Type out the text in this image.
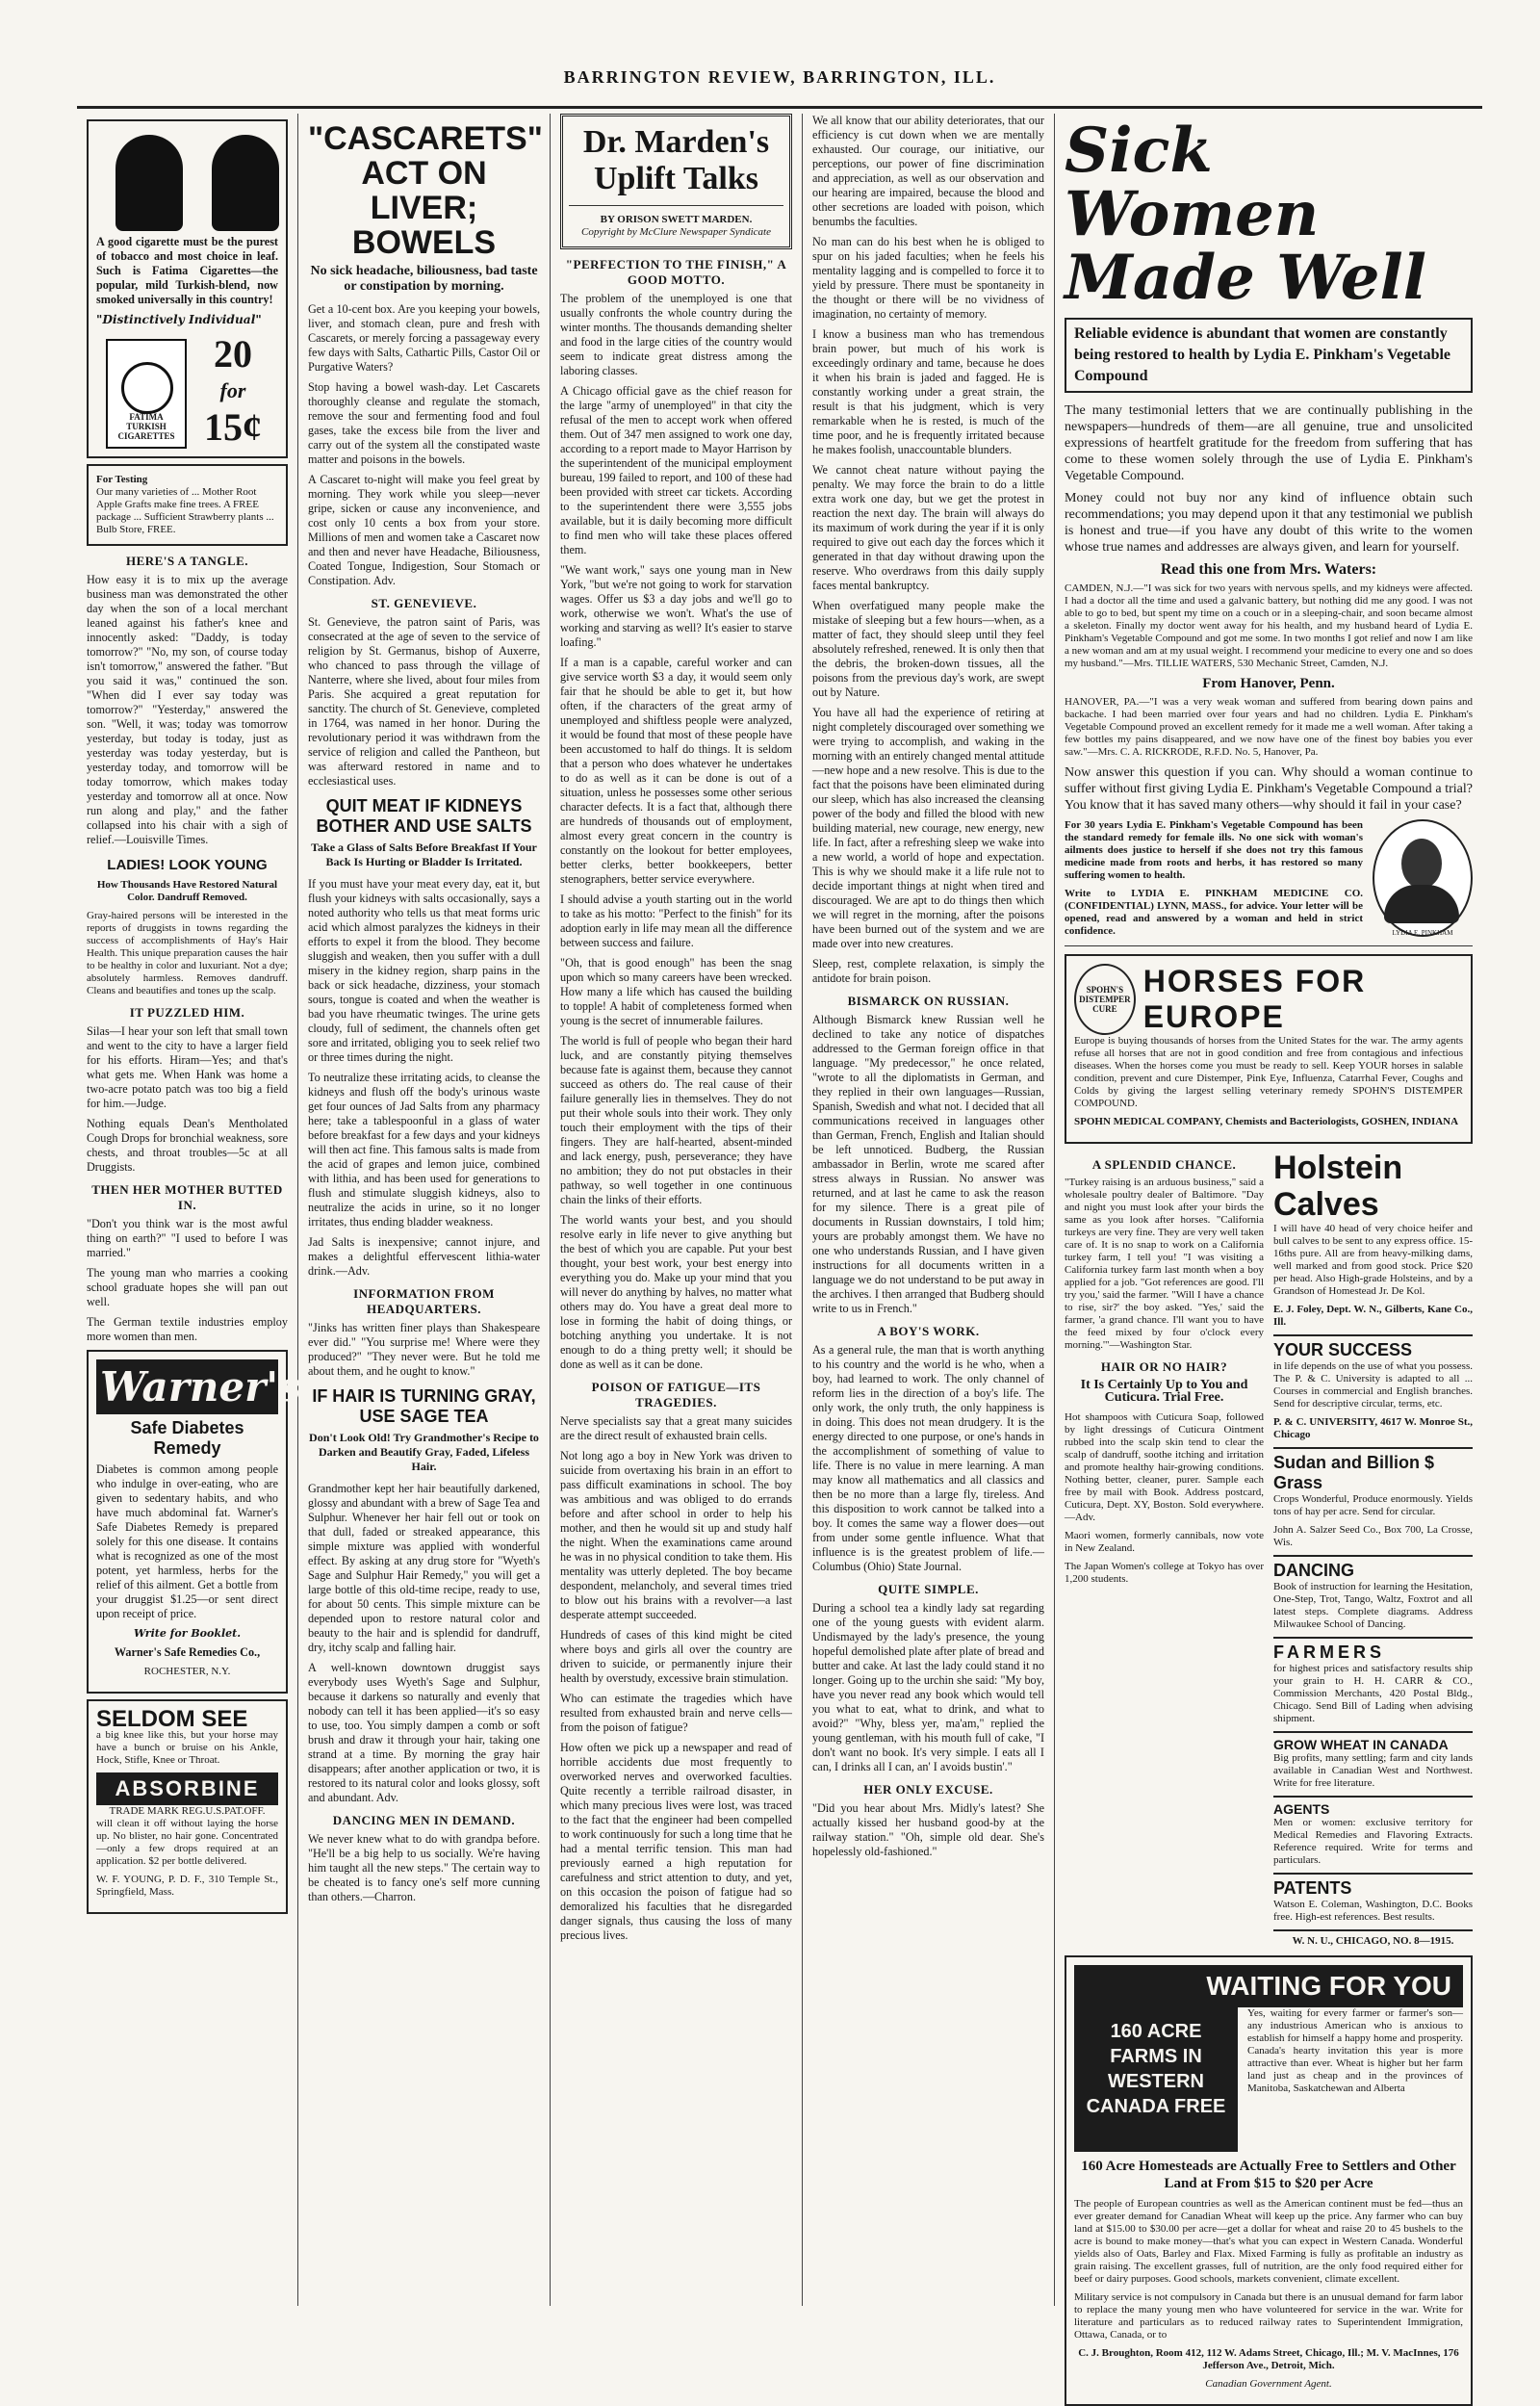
BARRINGTON REVIEW, BARRINGTON, ILL.

A good cigarette must be the purest of tobacco and most choice in leaf. Such is Fatima Cigarettes—the popular, mild Turkish-blend, now smoked universally in this country!

"Distinctively Individual"

FATIMA TURKISH CIGARETTES

20
for
15¢
For Testing
Our many varieties of ... Mother Root Apple Grafts make fine trees. A FREE package ... Sufficient Strawberry plants ... Bulb Store, FREE.
HERE'S A TANGLE.

How easy it is to mix up the average business man was demonstrated the other day when the son of a local merchant leaned against his father's knee and innocently asked: "Daddy, is today tomorrow?" "No, my son, of course today isn't tomorrow," answered the father. "But you said it was," continued the son. "When did I ever say today was tomorrow?" "Yesterday," answered the son. "Well, it was; today was tomorrow yesterday, but today is today, just as yesterday was today yesterday, but is yesterday today, and tomorrow will be today tomorrow, which makes today yesterday and tomorrow all at once. Now run along and play," and the father collapsed into his chair with a sigh of relief.—Louisville Times.

LADIES! LOOK YOUNG

How Thousands Have Restored Natural Color. Dandruff Removed.

Gray-haired persons will be interested in the reports of druggists in towns regarding the success of accomplishments of Hay's Hair Health. This unique preparation causes the hair to be healthy in color and luxuriant. Not a dye; absolutely harmless. Removes dandruff. Cleans and beautifies and tones up the scalp.

IT PUZZLED HIM.

Silas—I hear your son left that small town and went to the city to have a larger field for his efforts. Hiram—Yes; and that's what gets me. When Hank was home a two-acre potato patch was too big a field for him.—Judge.

Nothing equals Dean's Mentholated Cough Drops for bronchial weakness, sore chests, and throat troubles—5c at all Druggists.

THEN HER MOTHER BUTTED IN.

"Don't you think war is the most awful thing on earth?" "I used to before I was married."

The young man who marries a cooking school graduate hopes she will pan out well.

The German textile industries employ more women than men.

Warner's
Safe Diabetes Remedy

Diabetes is common among people who indulge in over-eating, who are given to sedentary habits, and who have much abdominal fat. Warner's Safe Diabetes Remedy is prepared solely for this one disease. It contains what is recognized as one of the most potent, yet harmless, herbs for the relief of this ailment. Get a bottle from your druggist $1.25—or sent direct upon receipt of price.

Write for Booklet.

Warner's Safe Remedies Co.,

ROCHESTER, N.Y.

SELDOM SEE

a big knee like this, but your horse may have a bunch or bruise on his Ankle, Hock, Stifle, Knee or Throat.

ABSORBINE
TRADE MARK REG.U.S.PAT.OFF.

will clean it off without laying the horse up. No blister, no hair gone. Concentrated—only a few drops required at an application. $2 per bottle delivered.

W. F. YOUNG, P. D. F., 310 Temple St., Springfield, Mass.

"CASCARETS" ACT ON LIVER; BOWELS
No sick headache, biliousness, bad taste or constipation by morning.

Get a 10-cent box. Are you keeping your bowels, liver, and stomach clean, pure and fresh with Cascarets, or merely forcing a passageway every few days with Salts, Cathartic Pills, Castor Oil or Purgative Waters?

Stop having a bowel wash-day. Let Cascarets thoroughly cleanse and regulate the stomach, remove the sour and fermenting food and foul gases, take the excess bile from the liver and carry out of the system all the constipated waste matter and poisons in the bowels.

A Cascaret to-night will make you feel great by morning. They work while you sleep—never gripe, sicken or cause any inconvenience, and cost only 10 cents a box from your store. Millions of men and women take a Cascaret now and then and never have Headache, Biliousness, Coated Tongue, Indigestion, Sour Stomach or Constipation. Adv.

ST. GENEVIEVE.

St. Genevieve, the patron saint of Paris, was consecrated at the age of seven to the service of religion by St. Germanus, bishop of Auxerre, who chanced to pass through the village of Nanterre, where she lived, about four miles from Paris. She acquired a great reputation for sanctity. The church of St. Genevieve, completed in 1764, was named in her honor. During the revolutionary period it was withdrawn from the service of religion and called the Pantheon, but was afterward restored in name and to ecclesiastical uses.

QUIT MEAT IF KIDNEYS BOTHER AND USE SALTS
Take a Glass of Salts Before Breakfast If Your Back Is Hurting or Bladder Is Irritated.

If you must have your meat every day, eat it, but flush your kidneys with salts occasionally, says a noted authority who tells us that meat forms uric acid which almost paralyzes the kidneys in their efforts to expel it from the blood. They become sluggish and weaken, then you suffer with a dull misery in the kidney region, sharp pains in the back or sick headache, dizziness, your stomach sours, tongue is coated and when the weather is bad you have rheumatic twinges. The urine gets cloudy, full of sediment, the channels often get sore and irritated, obliging you to seek relief two or three times during the night.

To neutralize these irritating acids, to cleanse the kidneys and flush off the body's urinous waste get four ounces of Jad Salts from any pharmacy here; take a tablespoonful in a glass of water before breakfast for a few days and your kidneys will then act fine. This famous salts is made from the acid of grapes and lemon juice, combined with lithia, and has been used for generations to flush and stimulate sluggish kidneys, also to neutralize the acids in urine, so it no longer irritates, thus ending bladder weakness.

Jad Salts is inexpensive; cannot injure, and makes a delightful effervescent lithia-water drink.—Adv.

INFORMATION FROM HEADQUARTERS.

"Jinks has written finer plays than Shakespeare ever did." "You surprise me! Where were they produced?" "They never were. But he told me about them, and he ought to know."

IF HAIR IS TURNING GRAY, USE SAGE TEA
Don't Look Old! Try Grandmother's Recipe to Darken and Beautify Gray, Faded, Lifeless Hair.

Grandmother kept her hair beautifully darkened, glossy and abundant with a brew of Sage Tea and Sulphur. Whenever her hair fell out or took on that dull, faded or streaked appearance, this simple mixture was applied with wonderful effect. By asking at any drug store for "Wyeth's Sage and Sulphur Hair Remedy," you will get a large bottle of this old-time recipe, ready to use, for about 50 cents. This simple mixture can be depended upon to restore natural color and beauty to the hair and is splendid for dandruff, dry, itchy scalp and falling hair.

A well-known downtown druggist says everybody uses Wyeth's Sage and Sulphur, because it darkens so naturally and evenly that nobody can tell it has been applied—it's so easy to use, too. You simply dampen a comb or soft brush and draw it through your hair, taking one strand at a time. By morning the gray hair disappears; after another application or two, it is restored to its natural color and looks glossy, soft and abundant. Adv.

DANCING MEN IN DEMAND.

We never knew what to do with grandpa before. "He'll be a big help to us socially. We're having him taught all the new steps." The certain way to be cheated is to fancy one's self more cunning than others.—Charron.

Dr. Marden's Uplift Talks
BY ORISON SWETT MARDEN.
Copyright by McClure Newspaper Syndicate
"PERFECTION TO THE FINISH," A GOOD MOTTO.

The problem of the unemployed is one that usually confronts the whole country during the winter months. The thousands demanding shelter and food in the large cities of the country would seem to indicate great distress among the laboring classes.

A Chicago official gave as the chief reason for the large "army of unemployed" in that city the refusal of the men to accept work when offered them. Out of 347 men assigned to work one day, according to a report made to Mayor Harrison by the superintendent of the municipal employment bureau, 199 failed to report, and 100 of these had been provided with street car tickets. According to the superintendent there were 3,555 jobs available, but it is daily becoming more difficult to find men who will take these places offered them.

"We want work," says one young man in New York, "but we're not going to work for starvation wages. Offer us $3 a day jobs and we'll go to work, otherwise we won't. What's the use of working and starving as well? It's easier to starve loafing."

If a man is a capable, careful worker and can give service worth $3 a day, it would seem only fair that he should be able to get it, but how often, if the characters of the great army of unemployed and shiftless people were analyzed, it would be found that most of these people have been accustomed to half do things. It is seldom that a person who does whatever he undertakes to do as well as it can be done is out of a situation, unless he possesses some other serious character defects. It is a fact that, although there are hundreds of thousands out of employment, almost every great concern in the country is constantly on the lookout for better employees, better clerks, better bookkeepers, better stenographers, better service everywhere.

I should advise a youth starting out in the world to take as his motto: "Perfect to the finish" for its adoption early in life may mean all the difference between success and failure.

"Oh, that is good enough" has been the snag upon which so many careers have been wrecked. How many a life which has caused the building to topple! A habit of completeness formed when young is the secret of innumerable failures.

The world is full of people who began their hard luck, and are constantly pitying themselves because fate is against them, because they cannot succeed as others do. The real cause of their failure generally lies in themselves. They do not put their whole souls into their work. They only touch their employment with the tips of their fingers. They are half-hearted, absent-minded and lack energy, push, perseverance; they have no ambition; they do not put obstacles in their pathway, so well together in one continuous chain the links of their efforts.

The world wants your best, and you should resolve early in life never to give anything but the best of which you are capable. Put your best thought, your best work, your best energy into everything you do. Make up your mind that you will never do anything by halves, no matter what others may do. You have a great deal more to lose in forming the habit of doing things, or botching anything you undertake. It is not enough to do a thing pretty well; it should be done as well as it can be done.

POISON OF FATIGUE—ITS TRAGEDIES.

Nerve specialists say that a great many suicides are the direct result of exhausted brain cells.

Not long ago a boy in New York was driven to suicide from overtaxing his brain in an effort to pass difficult examinations in school. The boy was ambitious and was obliged to do errands before and after school in order to help his mother, and then he would sit up and study half the night. When the examinations came around he was in no physical condition to take them. His mentality was utterly depleted. The boy became despondent, melancholy, and several times tried to blow out his brains with a revolver—a last desperate attempt succeeded.

Hundreds of cases of this kind might be cited where boys and girls all over the country are driven to suicide, or permanently injure their health by overstudy, excessive brain stimulation.

Who can estimate the tragedies which have resulted from exhausted brain and nerve cells—from the poison of fatigue?

How often we pick up a newspaper and read of horrible accidents due most frequently to overworked nerves and overworked faculties. Quite recently a terrible railroad disaster, in which many precious lives were lost, was traced to the fact that the engineer had been compelled to work continuously for such a long time that he had a mental terrific tension. This man had previously earned a high reputation for carefulness and strict attention to duty, and yet, on this occasion the poison of fatigue had so demoralized his faculties that he disregarded danger signals, thus causing the loss of many precious lives.

We all know that our ability deteriorates, that our efficiency is cut down when we are mentally exhausted. Our courage, our initiative, our perceptions, our power of fine discrimination and appreciation, as well as our observation and our hearing are impaired, because the blood and other secretions are loaded with poison, which benumbs the faculties.

No man can do his best when he is obliged to spur on his jaded faculties; when he feels his mentality lagging and is compelled to force it to yield by pressure. There must be spontaneity in the thought or there will be no vividness of imagination, no certainty of memory.

I know a business man who has tremendous brain power, but much of his work is exceedingly ordinary and tame, because he does it when his brain is jaded and fagged. He is constantly working under a great strain, the result is that his judgment, which is very remarkable when he is rested, is much of the time poor, and he is frequently irritated because he makes foolish, unaccountable blunders.

We cannot cheat nature without paying the penalty. We may force the brain to do a little extra work one day, but we get the protest in reaction the next day. The brain will always do its maximum of work during the year if it is only required to give out each day the forces which it generated in that day without drawing upon the reserve. Who overdraws from this daily supply faces mental bankruptcy.

When overfatigued many people make the mistake of sleeping but a few hours—when, as a matter of fact, they should sleep until they feel absolutely refreshed, renewed. It is only then that the debris, the broken-down tissues, all the poisons from the previous day's work, are swept out by Nature.

You have all had the experience of retiring at night completely discouraged over something we were trying to accomplish, and waking in the morning with an entirely changed mental attitude—new hope and a new resolve. This is due to the fact that the poisons have been eliminated during our sleep, which has also increased the cleansing power of the body and filled the blood with new building material, new courage, new energy, new life. In fact, after a refreshing sleep we wake into a new world, a world of hope and expectation. This is why we should make it a life rule not to decide important things at night when tired and discouraged. We are apt to do things then which we will regret in the morning, after the poisons have been burned out of the system and we are made over into new creatures.

Sleep, rest, complete relaxation, is simply the antidote for brain poison.

BISMARCK ON RUSSIAN.

Although Bismarck knew Russian well he declined to take any notice of dispatches addressed to the German foreign office in that language. "My predecessor," he once related, "wrote to all the diplomatists in German, and they replied in their own languages—Russian, Spanish, Swedish and what not. I decided that all communications received in languages other than German, French, English and Italian should be left unnoticed. Budberg, the Russian ambassador in Berlin, wrote me scared after stress always in Russian. No answer was returned, and at last he came to ask the reason for my silence. There is a great pile of documents in Russian downstairs, I told him; yours are probably amongst them. We have no one who understands Russian, and I have given instructions for all documents written in a language we do not understand to be put away in the archives. I then arranged that Budberg should write to us in French."

A BOY'S WORK.

As a general rule, the man that is worth anything to his country and the world is he who, when a boy, had learned to work. The only channel of reform lies in the direction of a boy's life. The only work, the only truth, the only happiness is in doing. This does not mean drudgery. It is the energy directed to one purpose, or one's hands in the accomplishment of something of value to life. There is no value in mere learning. A man may know all mathematics and all classics and then be no more than a large fly, tireless. And this disposition to work cannot be talked into a boy. It comes the same way a flower does—out from under some gentle influence. What that influence is is the greatest problem of life.—Columbus (Ohio) State Journal.

QUITE SIMPLE.

During a school tea a kindly lady sat regarding one of the young guests with evident alarm. Undismayed by the lady's presence, the young hopeful demolished plate after plate of bread and butter and cake. At last the lady could stand it no longer. Going up to the urchin she said: "My boy, have you never read any book which would tell you what to eat, what to drink, and what to avoid?" "Why, bless yer, ma'am," replied the young gentleman, with his mouth full of cake, "I don't want no book. It's very simple. I eats all I can, I drinks all I can, an' I avoids bustin'."

HER ONLY EXCUSE.

"Did you hear about Mrs. Midly's latest? She actually kissed her husband good-by at the railway station." "Oh, simple old dear. She's hopelessly old-fashioned."

Sick Women Made Well
Reliable evidence is abundant that women are constantly being restored to health by Lydia E. Pinkham's Vegetable Compound

The many testimonial letters that we are continually publishing in the newspapers—hundreds of them—are all genuine, true and unsolicited expressions of heartfelt gratitude for the freedom from suffering that has come to these women solely through the use of Lydia E. Pinkham's Vegetable Compound.

Money could not buy nor any kind of influence obtain such recommendations; you may depend upon it that any testimonial we publish is honest and true—if you have any doubt of this write to the women whose true names and addresses are always given, and learn for yourself.

Read this one from Mrs. Waters:

CAMDEN, N.J.—"I was sick for two years with nervous spells, and my kidneys were affected. I had a doctor all the time and used a galvanic battery, but nothing did me any good. I was not able to go to bed, but spent my time on a couch or in a sleeping-chair, and soon became almost a skeleton. Finally my doctor went away for his health, and my husband heard of Lydia E. Pinkham's Vegetable Compound and got me some. In two months I got relief and now I am like a new woman and am at my usual weight. I recommend your medicine to every one and so does my husband."—Mrs. TILLIE WATERS, 530 Mechanic Street, Camden, N.J.

From Hanover, Penn.

HANOVER, PA.—"I was a very weak woman and suffered from bearing down pains and backache. I had been married over four years and had no children. Lydia E. Pinkham's Vegetable Compound proved an excellent remedy for it made me a well woman. After taking a few bottles my pains disappeared, and we now have one of the finest boy babies you ever saw."—Mrs. C. A. RICKRODE, R.F.D. No. 5, Hanover, Pa.

Now answer this question if you can. Why should a woman continue to suffer without first giving Lydia E. Pinkham's Vegetable Compound a trial? You know that it has saved many others—why should it fail in your case?

LYDIA E. PINKHAM

For 30 years Lydia E. Pinkham's Vegetable Compound has been the standard remedy for female ills. No one sick with woman's ailments does justice to herself if she does not try this famous medicine made from roots and herbs, it has restored so many suffering women to health.

Write to LYDIA E. PINKHAM MEDICINE CO. (CONFIDENTIAL) LYNN, MASS., for advice. Your letter will be opened, read and answered by a woman and held in strict confidence.

SPOHN'S DISTEMPER CURE
HORSES FOR EUROPE

Europe is buying thousands of horses from the United States for the war. The army agents refuse all horses that are not in good condition and free from contagious and infectious diseases. When the horses come you must be ready to sell. Keep YOUR horses in salable condition, prevent and cure Distemper, Pink Eye, Influenza, Catarrhal Fever, Coughs and Colds by giving the largest selling veterinary remedy SPOHN'S DISTEMPER COMPOUND.

SPOHN MEDICAL COMPANY, Chemists and Bacteriologists, GOSHEN, INDIANA

A SPLENDID CHANCE.

"Turkey raising is an arduous business," said a wholesale poultry dealer of Baltimore. "Day and night you must look after your birds the same as you look after horses. "California turkeys are very fine. They are very well taken care of. It is no snap to work on a California turkey farm, I tell you! "I was visiting a California turkey farm last month when a boy applied for a job. "Got references are good. I'll try you,' said the farmer. "Will I have a chance to rise, sir?' the boy asked. "Yes,' said the farmer, 'a grand chance. I'll want you to have the feed mixed by four o'clock every morning.'"—Washington Star.

HAIR OR NO HAIR?
It Is Certainly Up to You and Cuticura. Trial Free.

Hot shampoos with Cuticura Soap, followed by light dressings of Cuticura Ointment rubbed into the scalp skin tend to clear the scalp of dandruff, soothe itching and irritation and promote healthy hair-growing conditions. Nothing better, cleaner, purer. Sample each free by mail with Book. Address postcard, Cuticura, Dept. XY, Boston. Sold everywhere.—Adv.

Maori women, formerly cannibals, now vote in New Zealand.

The Japan Women's college at Tokyo has over 1,200 students.

Holstein Calves

I will have 40 head of very choice heifer and bull calves to be sent to any express office. 15-16ths pure. All are from heavy-milking dams, well marked and from good stock. Price $20 per head. Also High-grade Holsteins, and by a Grandson of Homestead Jr. De Kol.

E. J. Foley, Dept. W. N., Gilberts, Kane Co., Ill.

YOUR SUCCESS

in life depends on the use of what you possess. The P. & C. University is adapted to all ... Courses in commercial and English branches. Send for descriptive circular, terms, etc.

P. & C. UNIVERSITY, 4617 W. Monroe St., Chicago

Sudan and Billion $ Grass

Crops Wonderful, Produce enormously. Yields tons of hay per acre. Send for circular.

John A. Salzer Seed Co., Box 700, La Crosse, Wis.

DANCING

Book of instruction for learning the Hesitation, One-Step, Trot, Tango, Waltz, Foxtrot and all latest steps. Complete diagrams. Address Milwaukee School of Dancing.

FARMERS

for highest prices and satisfactory results ship your grain to H. H. CARR & CO., Commission Merchants, 420 Postal Bldg., Chicago. Send Bill of Lading when advising shipment.

GROW WHEAT IN CANADA

Big profits, many settling; farm and city lands available in Canadian West and Northwest. Write for free literature.

AGENTS

Men or women: exclusive territory for Medical Remedies and Flavoring Extracts. Reference required. Write for terms and particulars.

PATENTS

Watson E. Coleman, Washington, D.C. Books free. High-est references. Best results.

W. N. U., CHICAGO, NO. 8—1915.
WAITING FOR YOU
160 ACRE FARMS IN WESTERN CANADA FREE

Yes, waiting for every farmer or farmer's son—any industrious American who is anxious to establish for himself a happy home and prosperity. Canada's hearty invitation this year is more attractive than ever. Wheat is higher but her farm land just as cheap and in the provinces of Manitoba, Saskatchewan and Alberta

160 Acre Homesteads are Actually Free to Settlers and Other Land at From $15 to $20 per Acre

The people of European countries as well as the American continent must be fed—thus an ever greater demand for Canadian Wheat will keep up the price. Any farmer who can buy land at $15.00 to $30.00 per acre—get a dollar for wheat and raise 20 to 45 bushels to the acre is bound to make money—that's what you can expect in Western Canada. Wonderful yields also of Oats, Barley and Flax. Mixed Farming is fully as profitable an industry as grain raising. The excellent grasses, full of nutrition, are the only food required either for beef or dairy purposes. Good schools, markets convenient, climate excellent.

Military service is not compulsory in Canada but there is an unusual demand for farm labor to replace the many young men who have volunteered for service in the war. Write for literature and particulars as to reduced railway rates to Superintendent Immigration, Ottawa, Canada, or to

C. J. Broughton, Room 412, 112 W. Adams Street, Chicago, Ill.; M. V. MacInnes, 176 Jefferson Ave., Detroit, Mich.

Canadian Government Agent.
